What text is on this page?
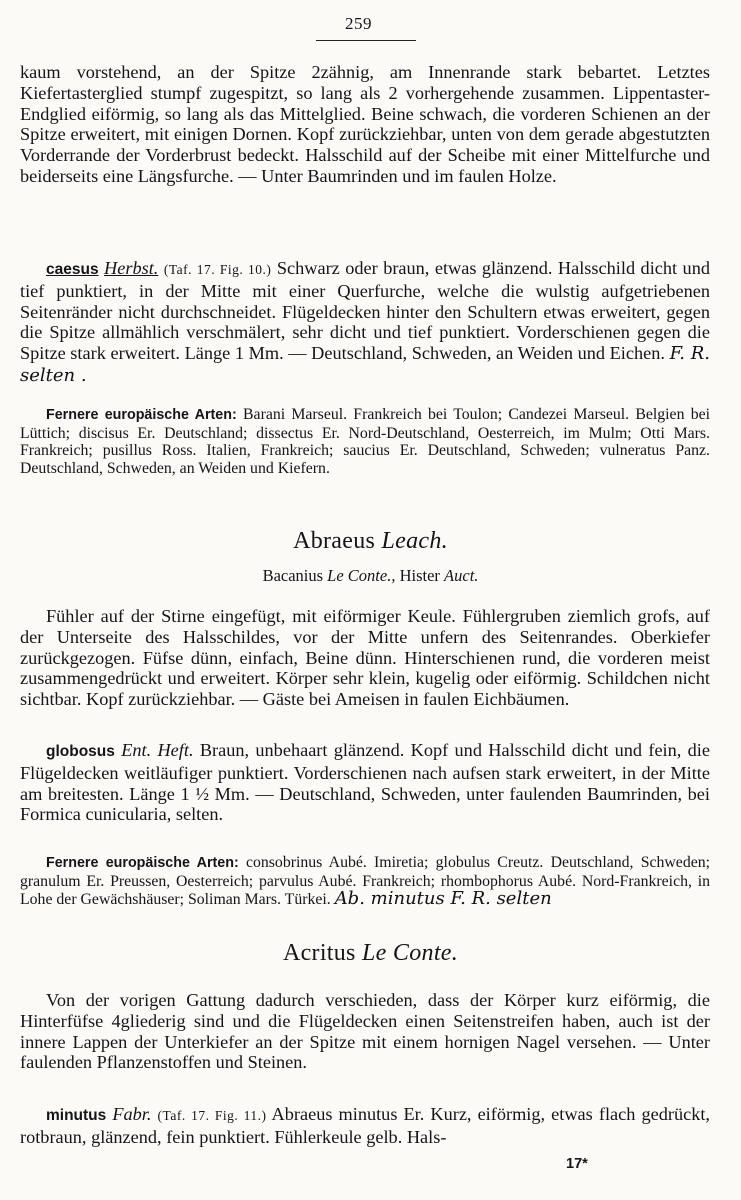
259

kaum vorstehend, an der Spitze 2zähnig, am Innenrande stark bebartet. Letztes Kiefertasterglied stumpf zugespitzt, so lang als 2 vorhergehende zusammen. Lippentaster-Endglied eiförmig, so lang als das Mittelglied. Beine schwach, die vorderen Schienen an der Spitze erweitert, mit einigen Dornen. Kopf zurückziehbar, unten von dem gerade abgestutzten Vorderrande der Vorderbrust bedeckt. Halsschild auf der Scheibe mit einer Mittelfurche und beiderseits eine Längsfurche. — Unter Baumrinden und im faulen Holze.

caesus Herbst. (Taf. 17. Fig. 10.) Schwarz oder braun, etwas glänzend. Halsschild dicht und tief punktiert, in der Mitte mit einer Querfurche, welche die wulstig aufgetriebenen Seitenränder nicht durchschneidet. Flügeldecken hinter den Schultern etwas erweitert, gegen die Spitze allmählich verschmälert, sehr dicht und tief punktiert. Vorderschienen gegen die Spitze stark erweitert. Länge 1 Mm. — Deutschland, Schweden, an Weiden und Eichen. F. R. selten .

Fernere europäische Arten: Barani Marseul. Frankreich bei Toulon; Candezei Marseul. Belgien bei Lüttich; discisus Er. Deutschland; dissectus Er. Nord-Deutschland, Oesterreich, im Mulm; Otti Mars. Frankreich; pusillus Ross. Italien, Frankreich; saucius Er. Deutschland, Schweden; vulneratus Panz. Deutschland, Schweden, an Weiden und Kiefern.

Abraeus Leach.
Bacanius Le Conte., Hister Auct.

Fühler auf der Stirne eingefügt, mit eiförmiger Keule. Fühlergruben ziemlich grofs, auf der Unterseite des Halsschildes, vor der Mitte unfern des Seitenrandes. Oberkiefer zurückgezogen. Füfse dünn, einfach, Beine dünn. Hinterschienen rund, die vorderen meist zusammengedrückt und erweitert. Körper sehr klein, kugelig oder eiförmig. Schildchen nicht sichtbar. Kopf zurückziehbar. — Gäste bei Ameisen in faulen Eichbäumen.

globosus Ent. Heft. Braun, unbehaart glänzend. Kopf und Halsschild dicht und fein, die Flügeldecken weitläufiger punktiert. Vorderschienen nach aufsen stark erweitert, in der Mitte am breitesten. Länge 1 ½ Mm. — Deutschland, Schweden, unter faulenden Baumrinden, bei Formica cunicularia, selten.

Fernere europäische Arten: consobrinus Aubé. Imiretia; globulus Creutz. Deutschland, Schweden; granulum Er. Preussen, Oesterreich; parvulus Aubé. Frankreich; rhombophorus Aubé. Nord-Frankreich, in Lohe der Gewächshäuser; Soliman Mars. Türkei. Ab. minutus F. R. selten

Acritus Le Conte.

Von der vorigen Gattung dadurch verschieden, dass der Körper kurz eiförmig, die Hinterfüfse 4gliederig sind und die Flügeldecken einen Seitenstreifen haben, auch ist der innere Lappen der Unterkiefer an der Spitze mit einem hornigen Nagel versehen. — Unter faulenden Pflanzenstoffen und Steinen.

minutus Fabr. (Taf. 17. Fig. 11.) Abraeus minutus Er. Kurz, eiförmig, etwas flach gedrückt, rotbraun, glänzend, fein punktiert. Fühlerkeule gelb. Hals-

17*
